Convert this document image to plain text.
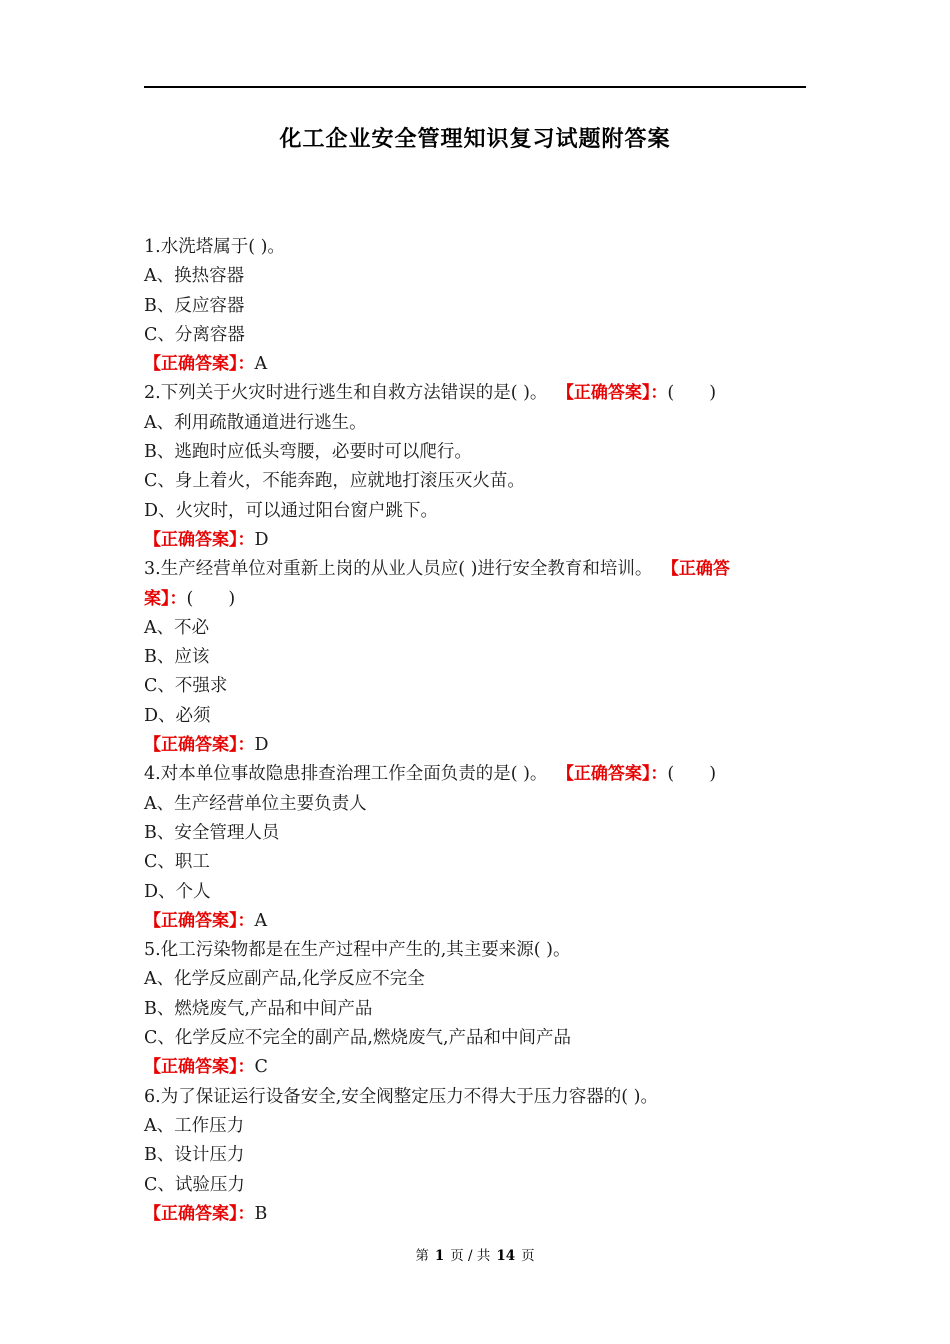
化工企业安全管理知识复习试题附答案
1.水洗塔属于( )。
A、换热容器
B、反应容器
C、分离容器
【正确答案】：A
2.下列关于火灾时进行逃生和自救方法错误的是( )。 【正确答案】：(　　)
A、利用疏散通道进行逃生。
B、逃跑时应低头弯腰，必要时可以爬行。
C、身上着火，不能奔跑，应就地打滚压灭火苗。
D、火灾时，可以通过阳台窗户跳下。
【正确答案】：D
3.生产经营单位对重新上岗的从业人员应( )进行安全教育和培训。 【正确答
案】：(　　)
A、不必
B、应该
C、不强求
D、必须
【正确答案】：D
4.对本单位事故隐患排查治理工作全面负责的是( )。 【正确答案】：(　　)
A、生产经营单位主要负责人
B、安全管理人员
C、职工
D、个人
【正确答案】：A
5.化工污染物都是在生产过程中产生的,其主要来源( )。
A、化学反应副产品,化学反应不完全
B、燃烧废气,产品和中间产品
C、化学反应不完全的副产品,燃烧废气,产品和中间产品
【正确答案】：C
6.为了保证运行设备安全,安全阀整定压力不得大于压力容器的( )。
A、工作压力
B、设计压力
C、试验压力
【正确答案】：B
第 1 页 / 共 14 页
